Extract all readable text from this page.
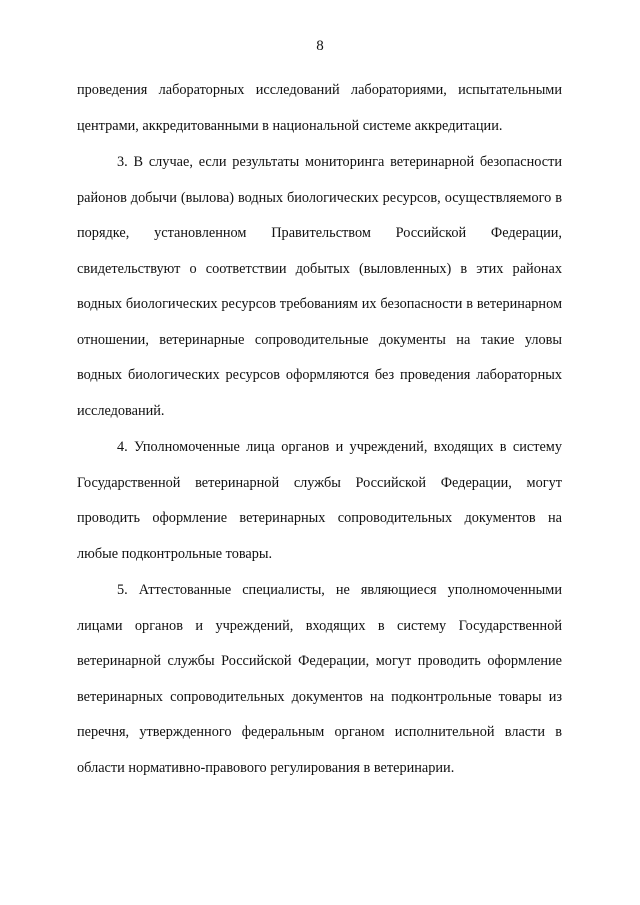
8

проведения лабораторных исследований лабораториями, испытательными центрами, аккредитованными в национальной системе аккредитации.

3. В случае, если результаты мониторинга ветеринарной безопасности районов добычи (вылова) водных биологических ресурсов, осуществляемого в порядке, установленном Правительством Российской Федерации, свидетельствуют о соответствии добытых (выловленных) в этих районах водных биологических ресурсов требованиям их безопасности в ветеринарном отношении, ветеринарные сопроводительные документы на такие уловы водных биологических ресурсов оформляются без проведения лабораторных исследований.

4. Уполномоченные лица органов и учреждений, входящих в систему Государственной ветеринарной службы Российской Федерации, могут проводить оформление ветеринарных сопроводительных документов на любые подконтрольные товары.

5. Аттестованные специалисты, не являющиеся уполномоченными лицами органов и учреждений, входящих в систему Государственной ветеринарной службы Российской Федерации, могут проводить оформление ветеринарных сопроводительных документов на подконтрольные товары из перечня, утвержденного федеральным органом исполнительной власти в области нормативно-правового регулирования в ветеринарии.
